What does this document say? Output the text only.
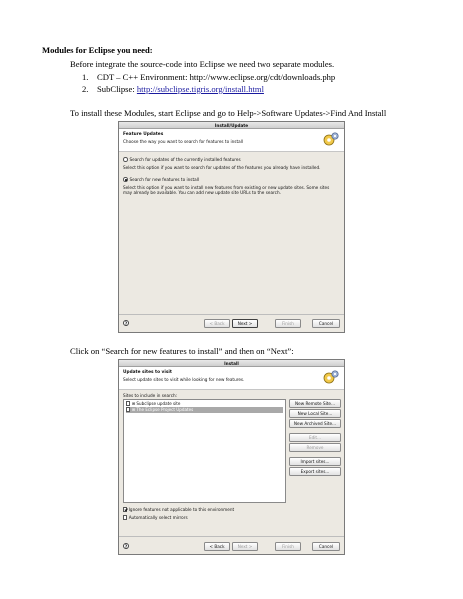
Modules for Eclipse you need:
Before integrate the source-code into Eclipse we need two separate modules.
1. CDT – C++ Environment: http://www.eclipse.org/cdt/downloads.php
2. SubClipse: http://subclipse.tigris.org/install.html
To install these Modules, start Eclipse and go to Help->Software Updates->Find And Install
Install/Update
Feature Updates
Choose the way you want to search for features to install
Search for updates of the currently installed features
Select this option if you want to search for updates of the features you already have installed.
Search for new features to install
Select this option if you want to install new features from existing or new update sites. Some sites may already be available. You can add new update site URLs to the search.
?	< Back	Next >	Finish	Cancel
Click on “Search for new features to install” and then on “Next”:
Install
Update sites to visit
Select update sites to visit while looking for new features.
Sites to include in search:
⊞ Subclipse update site
⊞ The Eclipse Project Updates
New Remote Site...
New Local Site...
New Archived Site...
Edit...
Remove
Import sites...
Export sites...
Ignore features not applicable to this environment
Automatically select mirrors
?	< Back	Next >	Finish	Cancel
